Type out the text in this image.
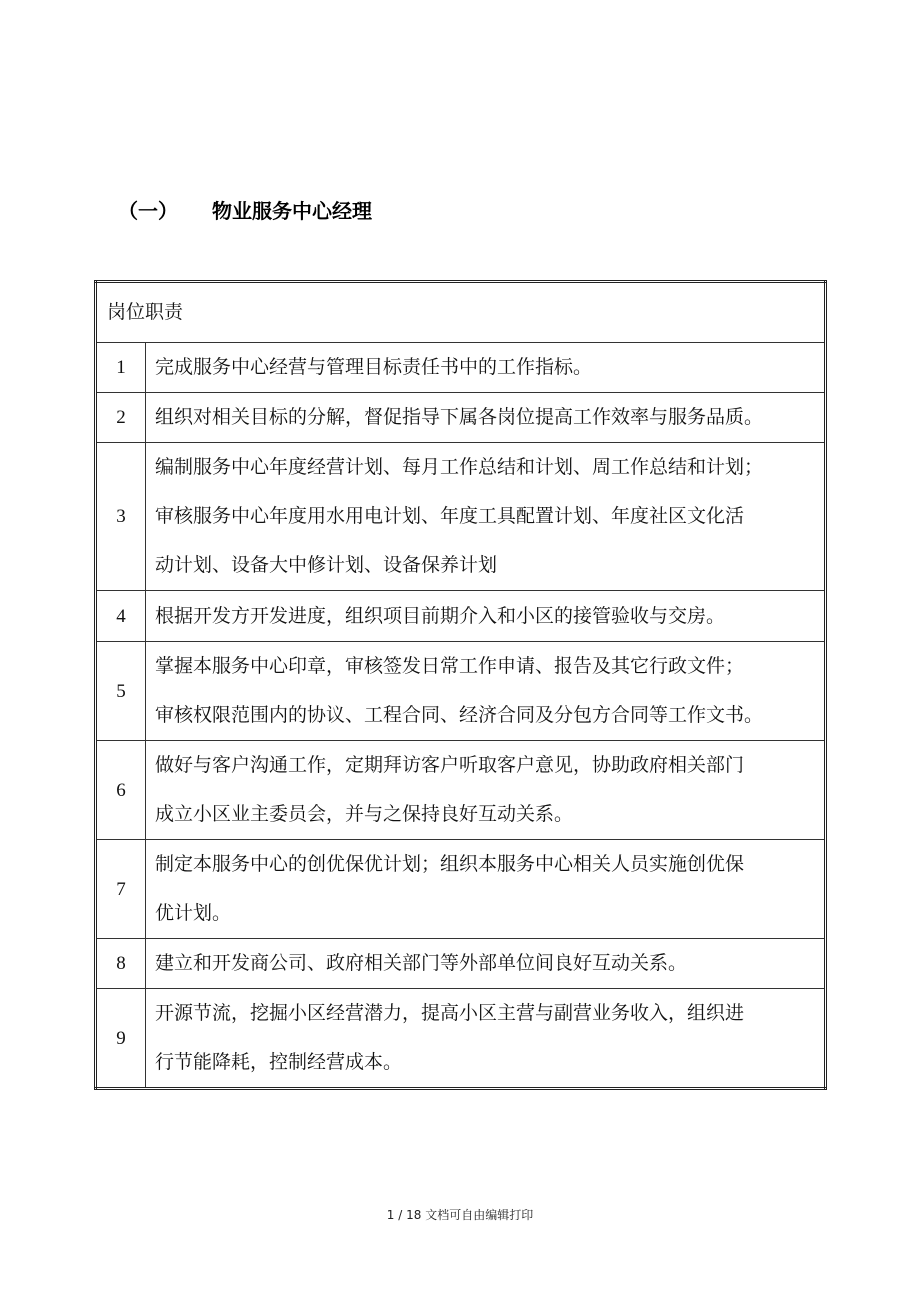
（一）	物业服务中心经理
岗位职责	
1	完成服务中心经营与管理目标责任书中的工作指标。
2	组织对相关目标的分解，督促指导下属各岗位提高工作效率与服务品质。
3	编制服务中心年度经营计划、每月工作总结和计划、周工作总结和计划；
审核服务中心年度用水用电计划、年度工具配置计划、年度社区文化活
动计划、设备大中修计划、设备保养计划
4	根据开发方开发进度，组织项目前期介入和小区的接管验收与交房。
5	掌握本服务中心印章，审核签发日常工作申请、报告及其它行政文件；
审核权限范围内的协议、工程合同、经济合同及分包方合同等工作文书。
6	做好与客户沟通工作，定期拜访客户听取客户意见，协助政府相关部门
成立小区业主委员会，并与之保持良好互动关系。
7	制定本服务中心的创优保优计划；组织本服务中心相关人员实施创优保
优计划。
8	建立和开发商公司、政府相关部门等外部单位间良好互动关系。
9	开源节流，挖掘小区经营潜力，提高小区主营与副营业务收入，组织进
行节能降耗，控制经营成本。
1 / 18 文档可自由编辑打印
